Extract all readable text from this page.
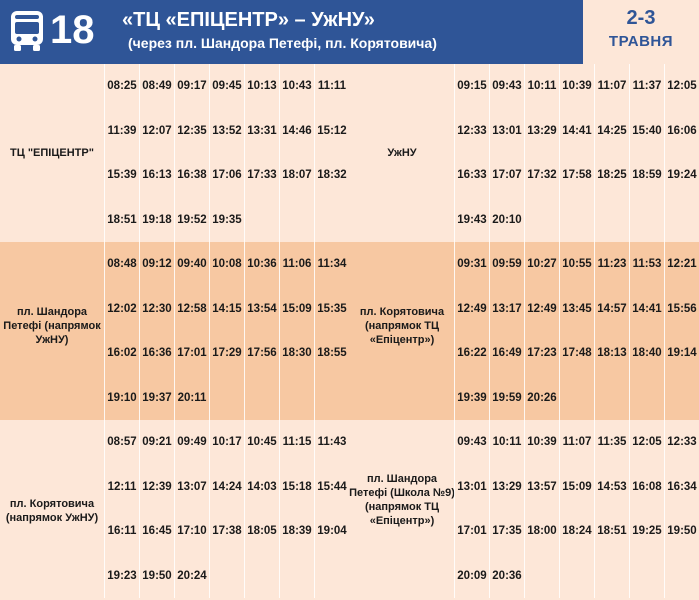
18 «ТЦ «ЕПІЦЕНТР» – УжНУ»
(через пл. Шандора Петефі, пл. Корятовича)
2-3
ТРАВНЯ
ТЦ "ЕПІЦЕНТР"
08:25 08:49 09:17 09:45 10:13 10:43 11:11
11:39 12:07 12:35 13:52 13:31 14:46 15:12
15:39 16:13 16:38 17:06 17:33 18:07 18:32
18:51 19:18 19:52 19:35
УжНУ
09:15 09:43 10:11 10:39 11:07 11:37 12:05
12:33 13:01 13:29 14:41 14:25 15:40 16:06
16:33 17:07 17:32 17:58 18:25 18:59 19:24
19:43 20:10
пл. Шандора Петефі (напрямок УжНУ)
08:48 09:12 09:40 10:08 10:36 11:06 11:34
12:02 12:30 12:58 14:15 13:54 15:09 15:35
16:02 16:36 17:01 17:29 17:56 18:30 18:55
19:10 19:37 20:11
пл. Корятовича (напрямок ТЦ «Епіцентр»)
09:31 09:59 10:27 10:55 11:23 11:53 12:21
12:49 13:17 12:49 13:45 14:57 14:41 15:56
16:22 16:49 17:23 17:48 18:13 18:40 19:14
19:39 19:59 20:26
пл. Корятовича (напрямок УжНУ)
08:57 09:21 09:49 10:17 10:45 11:15 11:43
12:11 12:39 13:07 14:24 14:03 15:18 15:44
16:11 16:45 17:10 17:38 18:05 18:39 19:04
19:23 19:50 20:24
пл. Шандора Петефі (Школа №9) (напрямок ТЦ «Епіцентр»)
09:43 10:11 10:39 11:07 11:35 12:05 12:33
13:01 13:29 13:57 15:09 14:53 16:08 16:34
17:01 17:35 18:00 18:24 18:51 19:25 19:50
20:09 20:36
